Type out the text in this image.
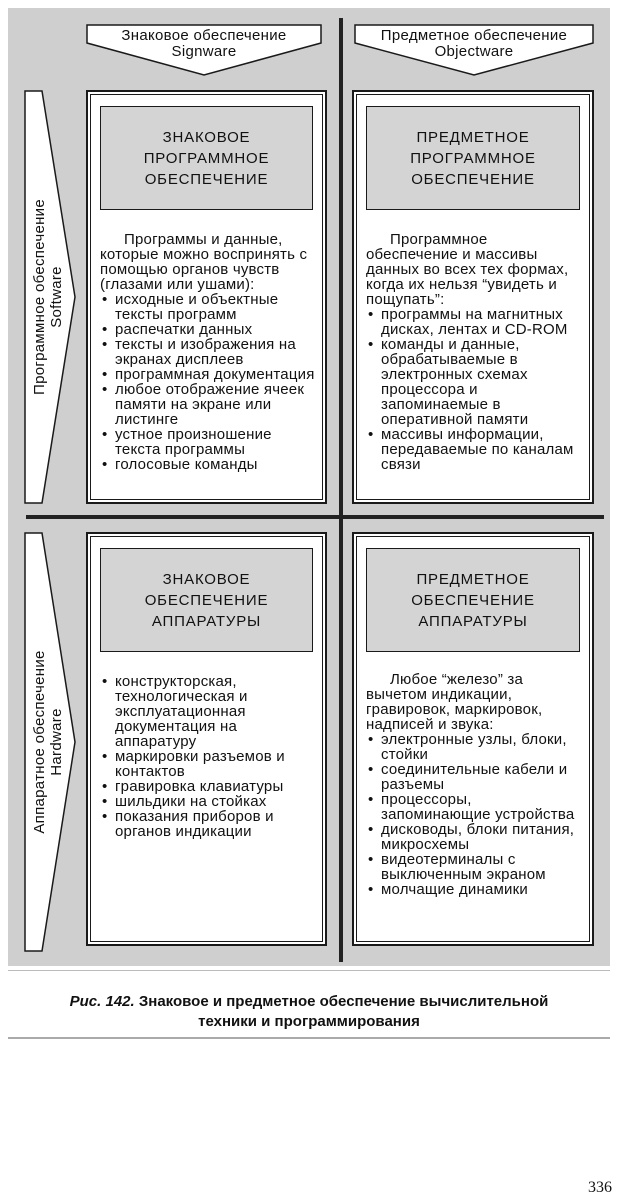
Знаковое обеспечение
Signware
Предметное обеспечение
Objectware
Программное обеспечение Software
Аппаратное обеспечение Hardware
ЗНАКОВОЕ
ПРОГРАММНОЕ
ОБЕСПЕЧЕНИЕ

Программы и данные, которые можно воспринять с помощью органов чувств (глазами или ушами):

• исходные и объектные тексты программ
• распечатки данных
• тексты и изображения на экранах дисплеев
• программная документация
• любое отображение ячеек памяти на экране или листинге
• устное произношение текста программы
• голосовые команды
ПРЕДМЕТНОЕ
ПРОГРАММНОЕ
ОБЕСПЕЧЕНИЕ

Программное обеспечение и массивы данных во всех тех формах, когда их нельзя “увидеть и пощупать”:

• программы на магнитных дисках, лентах и CD-ROM
• команды и данные, обрабатываемые в электронных схемах процессора и запоминаемые в оперативной памяти
• массивы информации, передаваемые по каналам связи
ЗНАКОВОЕ
ОБЕСПЕЧЕНИЕ
АППАРАТУРЫ
• конструкторская, технологическая и эксплуатационная документация на аппаратуру
• маркировки разъемов и контактов
• гравировка клавиатуры
• шильдики на стойках
• показания приборов и органов индикации
ПРЕДМЕТНОЕ
ОБЕСПЕЧЕНИЕ
АППАРАТУРЫ

Любое “железо” за вычетом индикации, гравировок, маркировок, надписей и звука:

• электронные узлы, блоки, стойки
• соединительные кабели и разъемы
• процессоры, запоминающие устройства
• дисководы, блоки питания, микросхемы
• видеотерминалы с выключенным экраном
• молчащие динамики
Рис. 142. Знаковое и предметное обеспечение вычислительной
техники и программирования
336
